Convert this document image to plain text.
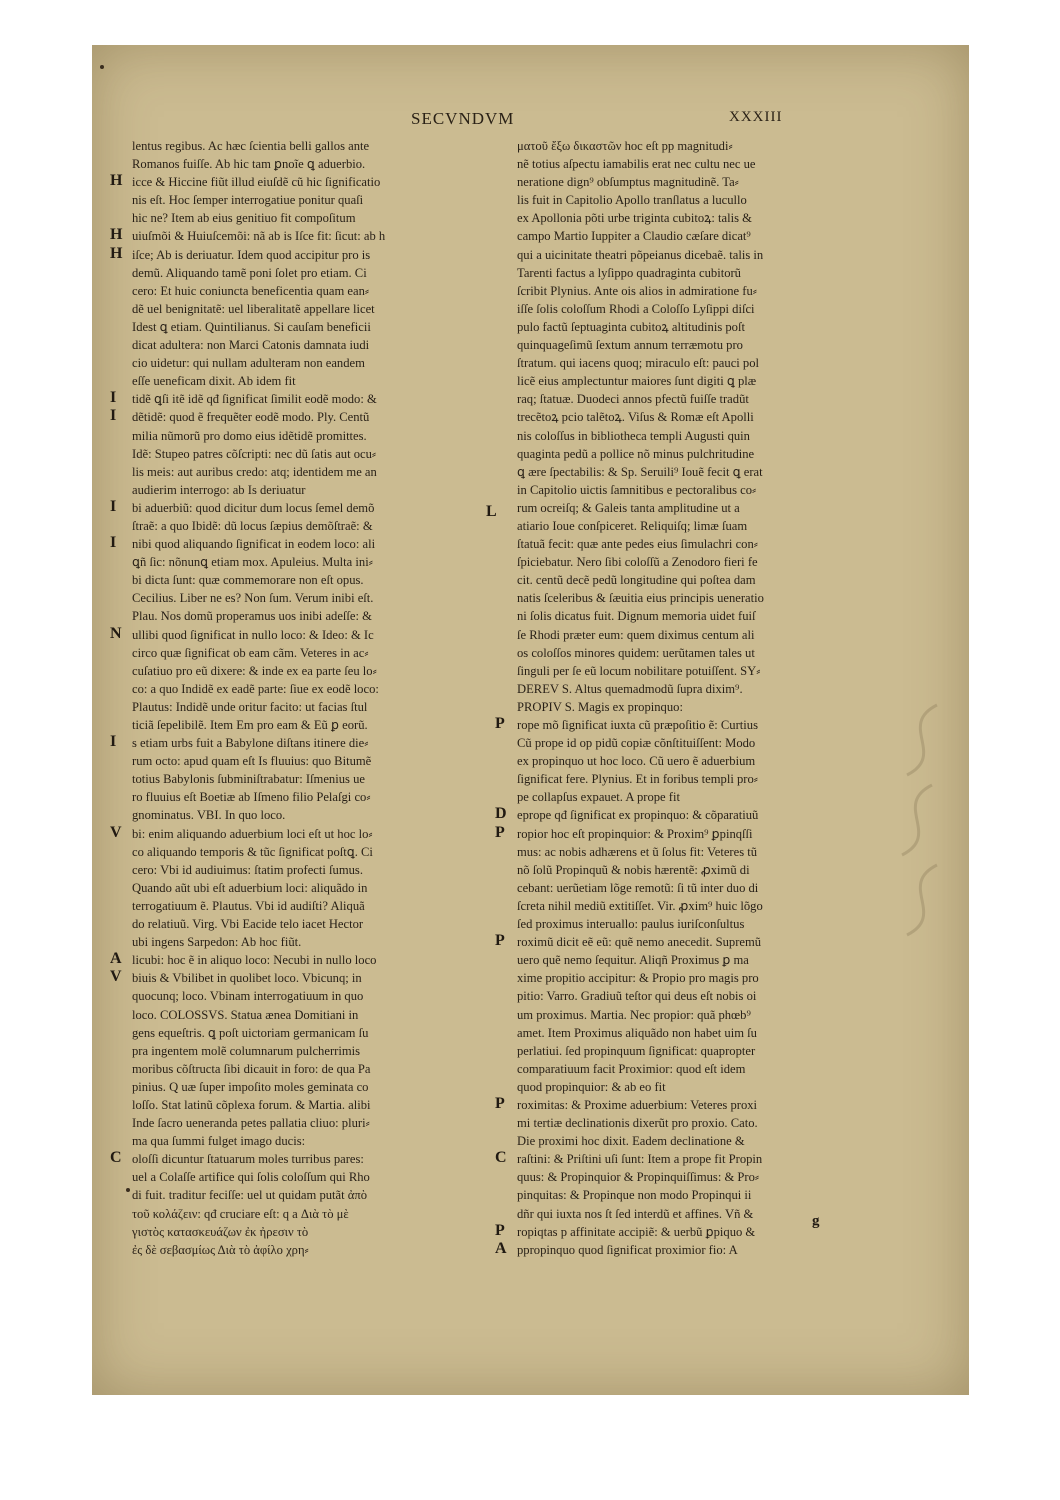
SECVNDVM	XXXIII
lentus regibus. Ac hæc ſcientia belli gallos ante
Romanos fuiſſe. Ab hic tam ꝑnoĩe ꝗ aduerbio.
H icce & Hiccine fiũt illud eiuſdẽ cũ hic ſignificatio
nis eſt. Hoc ſemper interrogatiue ponitur quaſi
hic ne? Item ab eius genitiuo fit compoſitum
H uiuſmõi & Huiuſcemõi: nã ab is Iſce fit: ſicut: ab h
H iſce; Ab is deriuatur. Idem quod accipitur pro is
demũ. Aliquando tamẽ poni ſolet pro etiam. Ci
cero: Et huic coniuncta beneficentia quam ean⸗
dẽ uel benignitatẽ: uel liberalitatẽ appellare licet
Idest ꝗ etiam. Quintilianus. Si cauſam beneficii
dicat adultera: non Marci Catonis damnata iudi
cio uidetur: qui nullam adulteram non eandem
eſſe ueneficam dixit. Ab idem fit
I tidẽ ꝗſi itẽ idẽ qđ ſignificat ſimilit eodẽ modo: &
I dẽtidẽ: quod ẽ frequẽter eodẽ modo. Ply. Centũ
milia nũmorũ pro domo eius idẽtidẽ promittes.
Idẽ: Stupeo patres cõſcripti: nec dũ ſatis aut ocu⸗
lis meis: aut auribus credo: atq; identidem me an
audierim interrogo: ab Is deriuatur
I bi aduerbiũ: quod dicitur dum locus ſemel demõ
ſtraẽ: a quo Ibidẽ: dũ locus ſæpius demõſtraẽ: &
I nibi quod aliquando ſignificat in eodem loco: ali
ꝗñ ſic: nõnunꝗ etiam mox. Apuleius. Multa ini⸗
bi dicta ſunt: quæ commemorare non eſt opus.
Cecilius. Liber ne es? Non ſum. Verum inibi eſt.
Plau. Nos domũ properamus uos inibi adeſſe: &
N ullibi quod ſignificat in nullo loco: & Ideo: & Ic
circo quæ ſignificat ob eam cãm. Veteres in ac⸗
cuſatiuo pro eũ dixere: & inde ex ea parte ſeu lo⸗
co: a quo Indidẽ ex eadẽ parte: ſiue ex eodẽ loco:
Plautus: Indidẽ unde oritur facito: ut facias ſtul
ticiã ſepelibilẽ. Item Em pro eam & Eũ ꝑ eorũ.
I s etiam urbs fuit a Babylone diſtans itinere die⸗
rum octo: apud quam eſt Is fluuius: quo Bitumẽ
totius Babylonis ſubminiſtrabatur: Iſmenius ue
ro fluuius eſt Boetiæ ab Iſmeno filio Pelaſgi co⸗
gnominatus. VBI. In quo loco.
V bi: enim aliquando aduerbium loci eſt ut hoc lo⸗
co aliquando temporis & tũc ſignificat poſtꝗ. Ci
cero: Vbi id audiuimus: ſtatim profecti ſumus.
Quando aũt ubi eſt aduerbium loci: aliquãdo in
terrogatiuum ẽ. Plautus. Vbi id audiſti? Aliquã
do relatiuũ. Virg. Vbi Eacide telo iacet Hector
ubi ingens Sarpedon: Ab hoc fiũt.
A licubi: hoc ẽ in aliquo loco: Necubi in nullo loco
V biuis & Vbilibet in quolibet loco. Vbicunq; in
quocunq; loco. Vbinam interrogatiuum in quo
loco. COLOSSVS. Statua ænea Domitiani in
gens equeſtris. ꝗ poſt uictoriam germanicam ſu
pra ingentem molẽ columnarum pulcherrimis
moribus cõſtructa ſibi dicauit in foro: de qua Pa
pinius. Q uæ ſuper impoſito moles geminata co
loſſo. Stat latinũ cõplexa forum. & Martia. alibi
Inde ſacro ueneranda petes pallatia cliuo: pluri⸗
ma qua ſummi fulget imago ducis:
C oloſſi dicuntur ſtatuarum moles turribus pares:
uel a Colaſſe artifice qui ſolis coloſſum qui Rho
di fuit. traditur feciſſe: uel ut quidam putãt ἀπὸ
τοῦ κολάζειν: qđ cruciare eſt: q a Διὰ τὸ μὲ
γιστὸς κατασκευάζων ἐκ ἠρεσιν τὸ
ἐς δὲ σεβασμίως Διὰ τὸ ἀφίλο χρη⸗
ματοῦ ἔξω δικαστῶν hoc eſt pp magnitudi⸗
nẽ totius aſpectu iamabilis erat nec cultu nec ue
neratione dign⁹ obſumptus magnitudinẽ. Ta⸗
lis fuit in Capitolio Apollo tranſlatus a lucullo
ex Apollonia põti urbe triginta cubitoꝝ: talis &
campo Martio Iuppiter a Claudio cæſare dicat⁹
qui a uicinitate theatri põpeianus dicebaẽ. talis in
Tarenti factus a lyſippo quadraginta cubitorũ
ſcribit Plynius. Ante ois alios in admiratione fu⸗
iſſe ſolis coloſſum Rhodi a Coloſſo Lyſippi diſci
pulo factũ ſeptuaginta cubitoꝝ altitudinis poſt
quinquageſimũ ſextum annum terræmotu pro
ſtratum. qui iacens quoq; miraculo eſt: pauci pol
licẽ eius amplectuntur maiores ſunt digiti ꝗ plæ
raq; ſtatuæ. Duodeci annos pfectũ fuiſſe tradũt
trecẽtoꝝ pcio talẽtoꝝ. Viſus & Romæ eſt Apolli
nis coloſſus in bibliotheca templi Augusti quin
quaginta pedũ a pollice nõ minus pulchritudine
ꝗ ære ſpectabilis: & Sp. Seruili⁹ Iouẽ fecit ꝗ erat
in Capitolio uictis ſamnitibus e pectoralibus co⸗
rum ocreiſq; & Galeis tanta amplitudine ut a
atiario Ioue conſpiceret. Reliquiſq; limæ ſuam
ſtatuã fecit: quæ ante pedes eius ſimulachri con⸗
ſpiciebatur. Nero ſibi coloſſũ a Zenodoro fieri fe
cit. centũ decẽ pedũ longitudine qui poſtea dam
natis ſceleribus & ſæuitia eius principis ueneratio
ni ſolis dicatus fuit. Dignum memoria uidet fuiſ
ſe Rhodi præter eum: quem diximus centum ali
os coloſſos minores quidem: uerũtamen tales ut
ſinguli per ſe eũ locum nobilitare potuiſſent. SY⸗
DEREV S. Altus quemadmodũ ſupra dixim⁹.
PROPIV S. Magis ex propinquo:
P rope mõ ſignificat iuxta cũ præpoſitio ẽ: Curtius
Cũ prope id op pidũ copiæ cõnſtituiſſent: Modo
ex propinquo ut hoc loco. Cũ uero ẽ aduerbium
ſignificat fere. Plynius. Et in foribus templi pro⸗
pe collapſus expauet. A prope fit
D eprope qđ ſignificat ex propinquo: & cõparatiuũ
P ropior hoc eſt propinquior: & Proxim⁹ ꝑpinqſſi
mus: ac nobis adhærens et ũ ſolus fit: Veteres tũ
nõ ſolũ Propinquũ & nobis hærentẽ: ꝓximũ di
cebant: uerũetiam lõge remotũ: ſi tũ inter duo di
ſcreta nihil mediũ extitiſſet. Vir. ꝓxim⁹ huic lõgo
ſed proximus interuallo: paulus iuriſconſultus
P roximũ dicit eẽ eũ: quẽ nemo anecedit. Supremũ
uero quẽ nemo ſequitur. Aliqñ Proximus ꝑ ma
xime propitio accipitur: & Propio pro magis pro
pitio: Varro. Gradiuũ teſtor qui deus eſt nobis oi
um proximus. Martia. Nec propior: quã phœb⁹
amet. Item Proximus aliquãdo non habet uim ſu
perlatiui. ſed propinquum ſignificat: quapropter
comparatiuum facit Proximior: quod eſt idem
quod propinquior: & ab eo fit
P roximitas: & Proxime aduerbium: Veteres proxi
mi tertiæ declinationis dixerũt pro proxio. Cato.
Die proximi hoc dixit. Eadem declinatione &
C raſtini: & Priſtini uſi ſunt: Item a prope fit Propin
quus: & Propinquior & Propinquiſſimus: & Pro⸗
pinquitas: & Propinque non modo Propinqui ii
dñr qui iuxta nos ſt ſed interdũ et affines. Vñ &
P ropiqtas p affinitate accipiẽ: & uerbũ ꝑpiquo &
A ppropinquo quod ſignificat proximior fio: A
L
g
